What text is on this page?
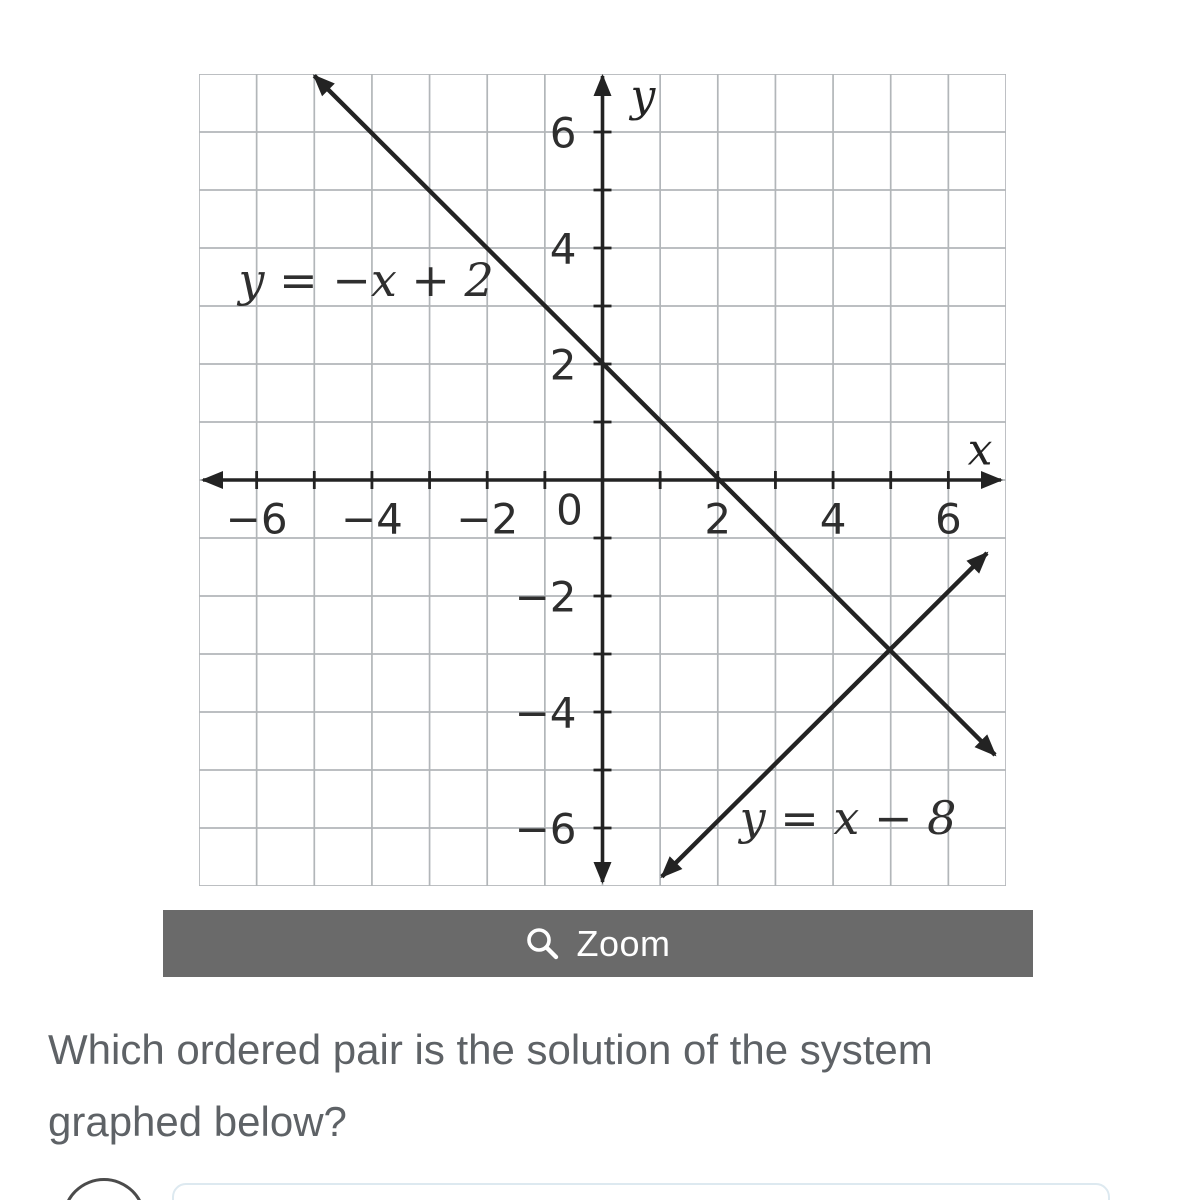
−6 −4 −2 0	2 4 6
−6
−4
−2
2
4
6
x
y
y = −x + 2
y = x − 8
Zoom
Which ordered pair is the solution of the system
graphed below?
